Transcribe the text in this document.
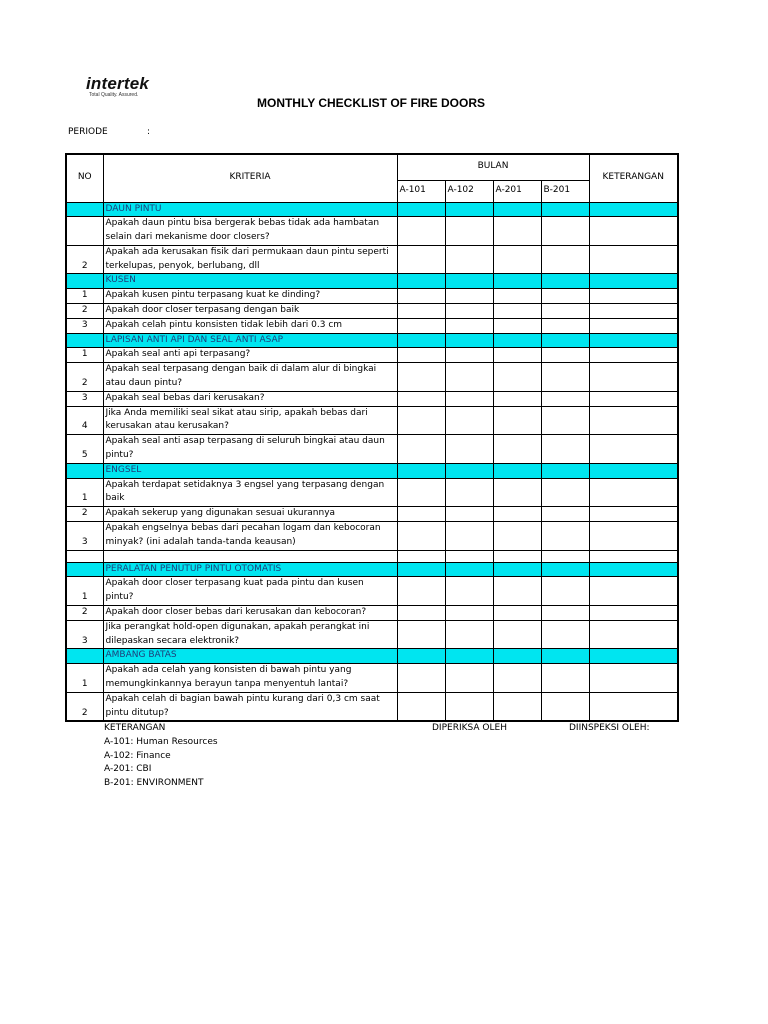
intertek
Total Quality. Assured.
MONTHLY CHECKLIST OF FIRE DOORS
PERIODE	:
NO	KRITERIA	BULAN				KETERANGAN
		A-101	A-102	A-201	B-201	
	DAUN PINTU					
	Apakah daun pintu bisa bergerak bebas tidak ada hambatan selain dari mekanisme door closers?					
2	Apakah ada kerusakan fisik dari permukaan daun pintu seperti terkelupas, penyok, berlubang, dll					
	KUSEN					
1	Apakah kusen pintu terpasang kuat ke dinding?					
2	Apakah door closer terpasang dengan baik					
3	Apakah celah pintu konsisten tidak lebih dari 0.3 cm					
	LAPISAN ANTI API DAN SEAL ANTI ASAP					
1	Apakah seal anti api terpasang?					
2	Apakah seal terpasang dengan baik di dalam alur di bingkai atau daun pintu?					
3	Apakah seal bebas dari kerusakan?					
4	Jika Anda memiliki seal sikat atau sirip, apakah bebas dari kerusakan atau kerusakan?					
5	Apakah seal anti asap terpasang di seluruh bingkai atau daun pintu?					
	ENGSEL					
1	Apakah terdapat setidaknya 3 engsel yang terpasang dengan baik					
2	Apakah sekerup yang digunakan sesuai ukurannya					
3	Apakah engselnya bebas dari pecahan logam dan kebocoran minyak? (ini adalah tanda-tanda keausan)					

	PERALATAN PENUTUP PINTU OTOMATIS					
1	Apakah door closer terpasang kuat pada pintu dan kusen pintu?					
2	Apakah door closer bebas dari kerusakan dan kebocoran?					
3	Jika perangkat hold-open digunakan, apakah perangkat ini dilepaskan secara elektronik?					
	AMBANG BATAS					
1	Apakah ada celah yang konsisten di bawah pintu yang memungkinkannya berayun tanpa menyentuh lantai?					
2	Apakah celah di bagian bawah pintu kurang dari 0,3 cm saat pintu ditutup?					
KETERANGAN
A-101: Human Resources
A-102: Finance
A-201: CBI
B-201: ENVIRONMENT
DIPERIKSA OLEH	DIINSPEKSI OLEH:
